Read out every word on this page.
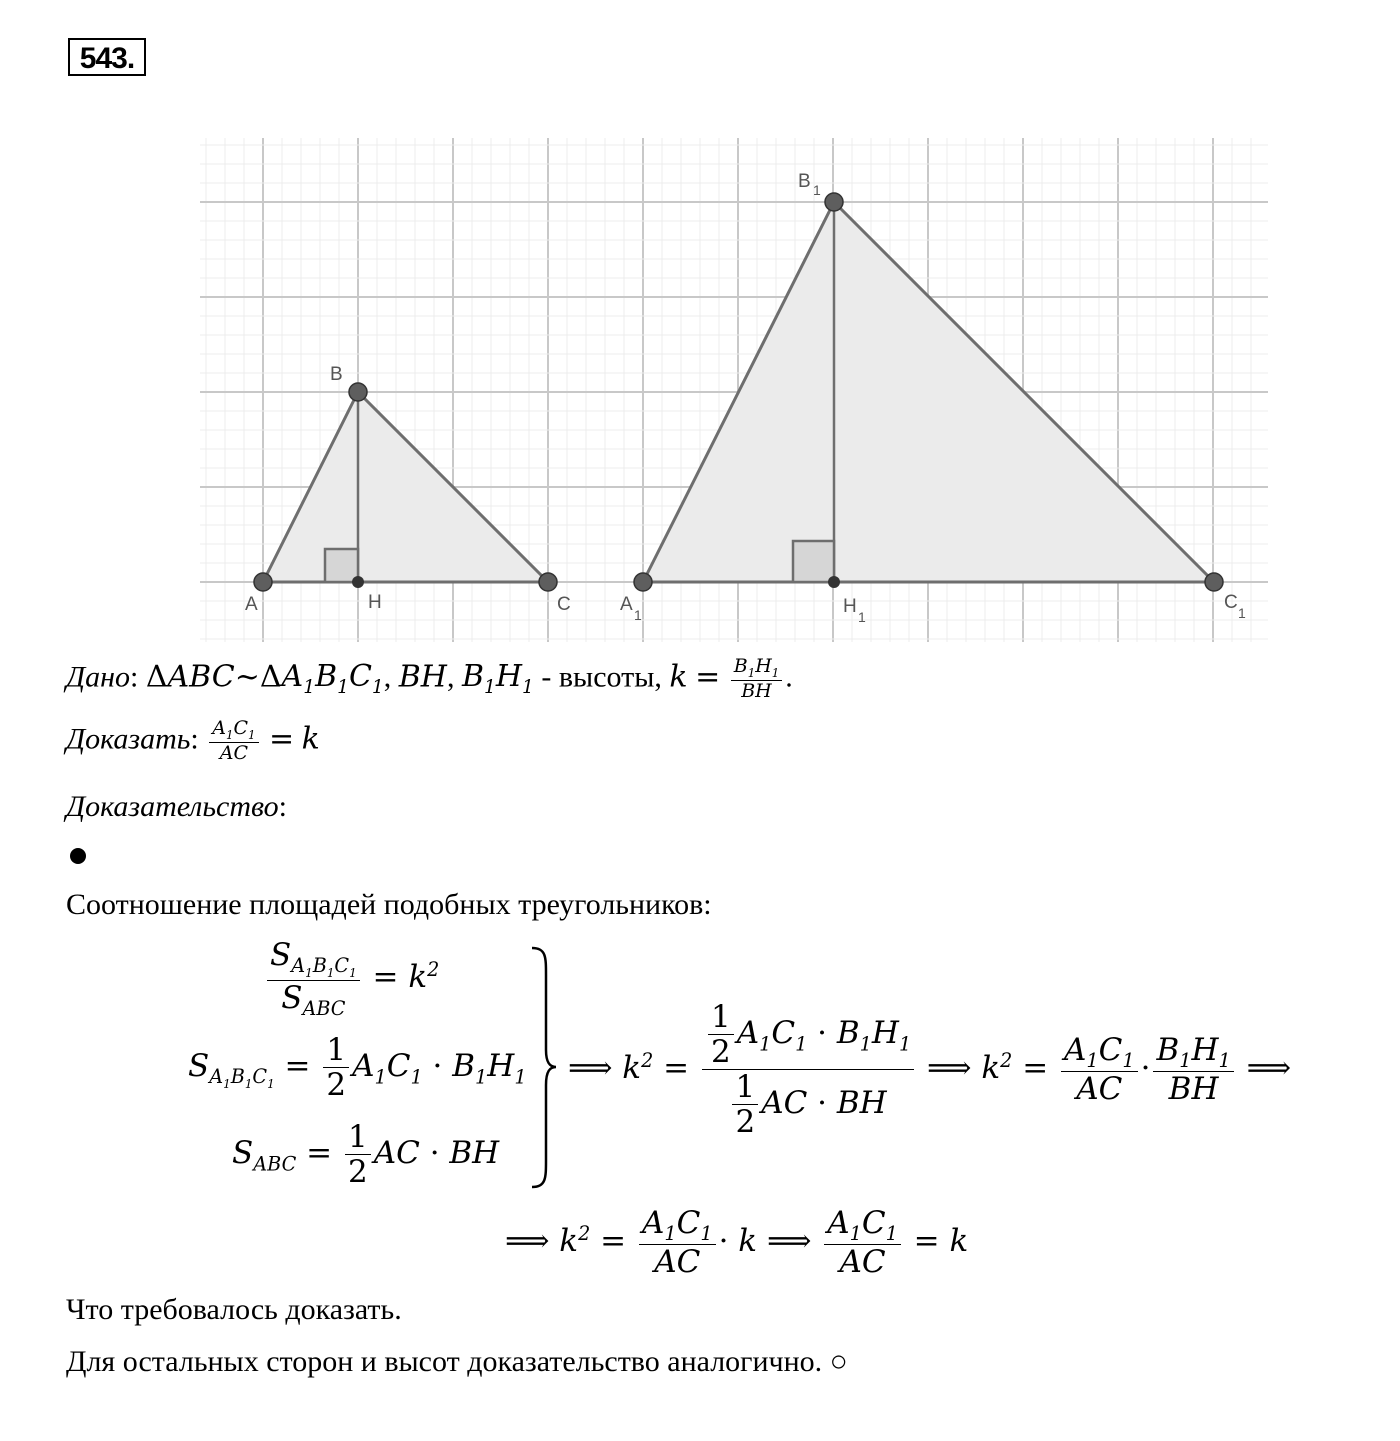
543.
A
B
C
H	A 1
B 1
C 1
H 1
Дано: $\Delta ABC\sim\Delta A_1B_1C_1$, BH, $B_1H_1$ - высоты, $k = \frac{B_1H_1}{BH}$ .
Доказать: $\frac{A_1C_1}{AC} = k$
Доказательство:
Соотношение площадей подобных треугольников:
$\frac{S_{A_1B_1C_1}}{S_{ABC}} = k^2$
$S_{A_1B_1C_1} = \frac{1}{2} A_1C_1 \cdot B_1H_1$
$S_{ABC} = \frac{1}{2}$ AC · BH
⟹ $k^2 = \frac{\frac{1}{2} A_1C_1 \cdot B_1H_1}{\frac{1}{2} AC \cdot BH}$ ⟹ $k^2 = \frac{A_1C_1}{AC} \cdot \frac{B_1H_1}{BH}$ ⟹
⟹ $k^2 = \frac{A_1C_1}{AC} \cdot k$ ⟹ $\frac{A_1C_1}{AC} = k$
Что требовалось доказать.
Для остальных сторон и высот доказательство аналогично. ○
